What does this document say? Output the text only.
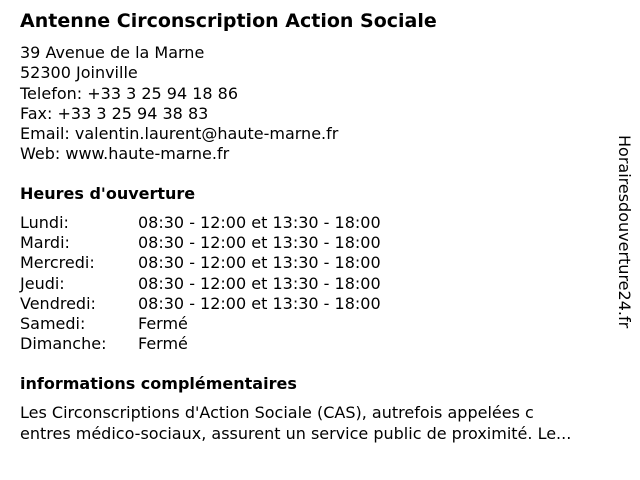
Antenne Circonscription Action Sociale
39 Avenue de la Marne
52300 Joinville
Telefon: +33 3 25 94 18 86
Fax: +33 3 25 94 38 83
Email: valentin.laurent@haute-marne.fr
Web: www.haute-marne.fr
Heures d'ouverture
Lundi:	08:30 - 12:00 et 13:30 - 18:00
Mardi:	08:30 - 12:00 et 13:30 - 18:00
Mercredi:	08:30 - 12:00 et 13:30 - 18:00
Jeudi:	08:30 - 12:00 et 13:30 - 18:00
Vendredi:	08:30 - 12:00 et 13:30 - 18:00
Samedi:	Fermé
Dimanche: Fermé
informations complémentaires
Les Circonscriptions d'Action Sociale (CAS), autrefois appelées c
entres médico-sociaux, assurent un service public de proximité. Le...
Horairesdouverture24.fr
